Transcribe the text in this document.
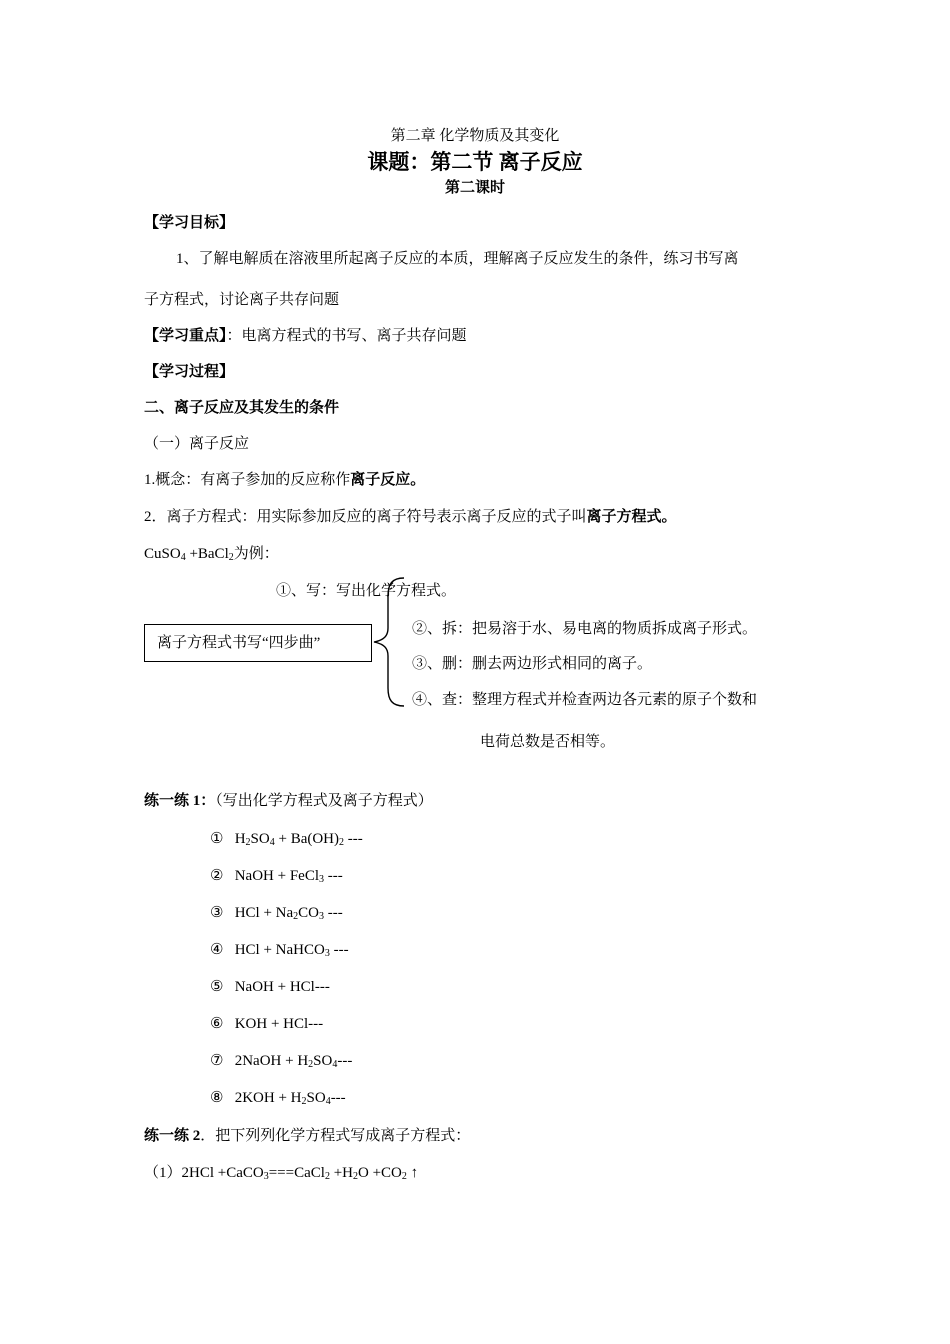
第二章 化学物质及其变化
课题：第二节 离子反应
第二课时
【学习目标】
1、了解电解质在溶液里所起离子反应的本质，理解离子反应发生的条件，练习书写离
子方程式，讨论离子共存问题
【学习重点】：电离方程式的书写、离子共存问题
【学习过程】
二、离子反应及其发生的条件
（一）离子反应
1.概念：有离子参加的反应称作离子反应。
2．离子方程式：用实际参加反应的离子符号表示离子反应的式子叫离子方程式。
CuSO$_4$ +BaCl$_2$为例：
离子方程式书写“四步曲”
①、写：写出化学方程式。
②、拆：把易溶于水、易电离的物质拆成离子形式。
③、删：删去两边形式相同的离子。
④、查：整理方程式并检查两边各元素的原子个数和
电荷总数是否相等。
练一练 1：（写出化学方程式及离子方程式）
① $H_2SO_4 + Ba(OH)_2$ ---
② NaOH + FeCl$_3$ ---
③ HCl + $Na_2CO_3$ ---
④ HCl + NaHCO$_3$ ---
⑤ NaOH + HCl---
⑥ KOH + HCl---
⑦ 2NaOH + $H_2SO_4---$
⑧ $2KOH + H_2SO_4---$
练一练 2．把下列列化学方程式写成离子方程式：
（1）2HCl +CaCO$_3$===CaCl$_2$ $+H_2O +CO_2$ ↑
